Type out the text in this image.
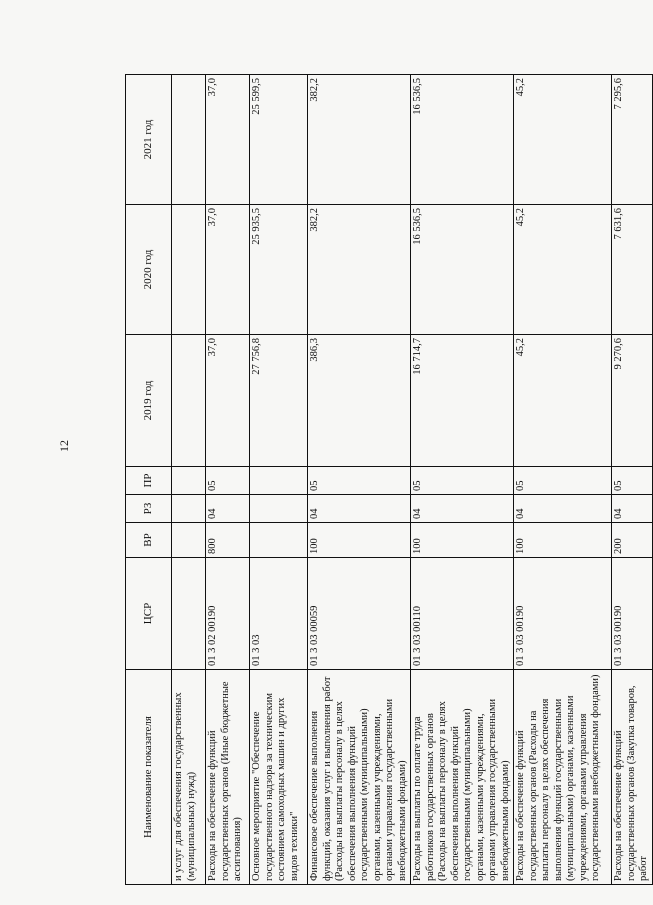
12
Наименование показателя	ЦСР	ВР	РЗ	ПР	2019 год	2020 год	2021 год
и услуг для обеспечения государственных (муниципальных) нужд)							
Расходы на обеспечение функций государственных органов (Иные бюджетные ассигнования)	01 3 02 00190	800	04	05	37,0	37,0	37,0
Основное мероприятие "Обеспечение государственного надзора за техническим состоянием самоходных машин и других видов техники"	01 3 03				27 756,8	25 935,5	25 599,5
Финансовое обеспечение выполнения функций, оказания услуг и выполнения работ (Расходы на выплаты персоналу в целях обеспечения выполнения функций государственными (муниципальными) органами, казенными учреждениями, органами управления государственными внебюджетными фондами)	01 3 03 00059	100	04	05	386,3	382,2	382,2
Расходы на выплаты по оплате труда работников государственных органов (Расходы на выплаты персоналу в целях обеспечения выполнения функций государственными (муниципальными) органами, казенными учреждениями, органами управления государственными внебюджетными фондами)	01 3 03 00110	100	04	05	16 714,7	16 536,5	16 536,5
Расходы на обеспечение функций государственных органов (Расходы на выплаты персоналу в целях обеспечения выполнения функций государственными (муниципальными) органами, казенными учреждениями, органами управления государственными внебюджетными фондами)	01 3 03 00190	100	04	05	45,2	45,2	45,2
Расходы на обеспечение функций государственных органов (Закупка товаров, работ	01 3 03 00190	200	04	05	9 270,6	7 631,6	7 295,6
